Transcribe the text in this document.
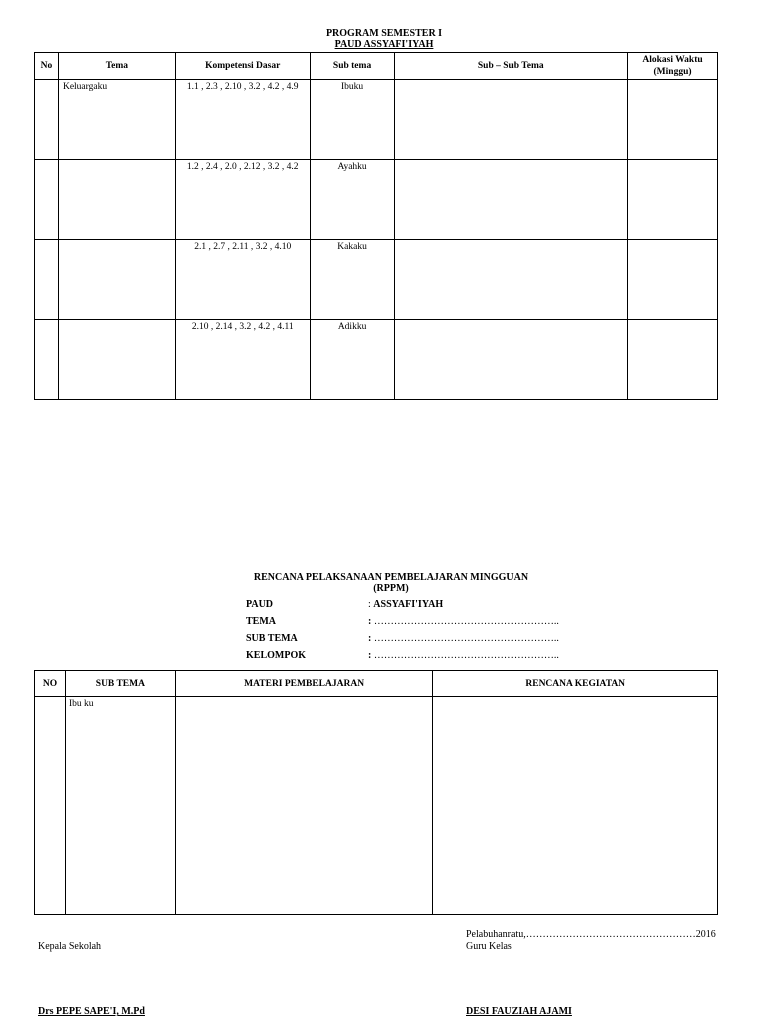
PROGRAM SEMESTER I
PAUD ASSYAFI'IYAH
No	Tema	Kompetensi Dasar	Sub tema	Sub – Sub Tema	Alokasi Waktu (Minggu)
	Keluargaku	1.1 , 2.3 , 2.10 , 3.2 , 4.2 , 4.9	Ibuku		
		1.2 , 2.4 , 2.0 , 2.12 , 3.2 , 4.2	Ayahku		
		2.1 , 2.7 , 2.11 , 3.2 , 4.10	Kakaku		
		2.10 , 2.14 , 3.2 , 4.2 , 4.11	Adikku		
RENCANA PELAKSANAAN PEMBELAJARAN MINGGUAN
(RPPM)
PAUD	: ASSYAFI'IYAH
TEMA	: ………………………………………………..
SUB TEMA	: ………………………………………………..
KELOMPOK	: ………………………………………………..
NO	SUB TEMA	MATERI PEMBELAJARAN	RENCANA KEGIATAN
	Ibu ku		
Pelabuhanratu,……………………………………………2016
Kepala Sekolah	Guru Kelas
Drs PEPE SAPE'I, M.Pd	DESI FAUZIAH AJAMI
